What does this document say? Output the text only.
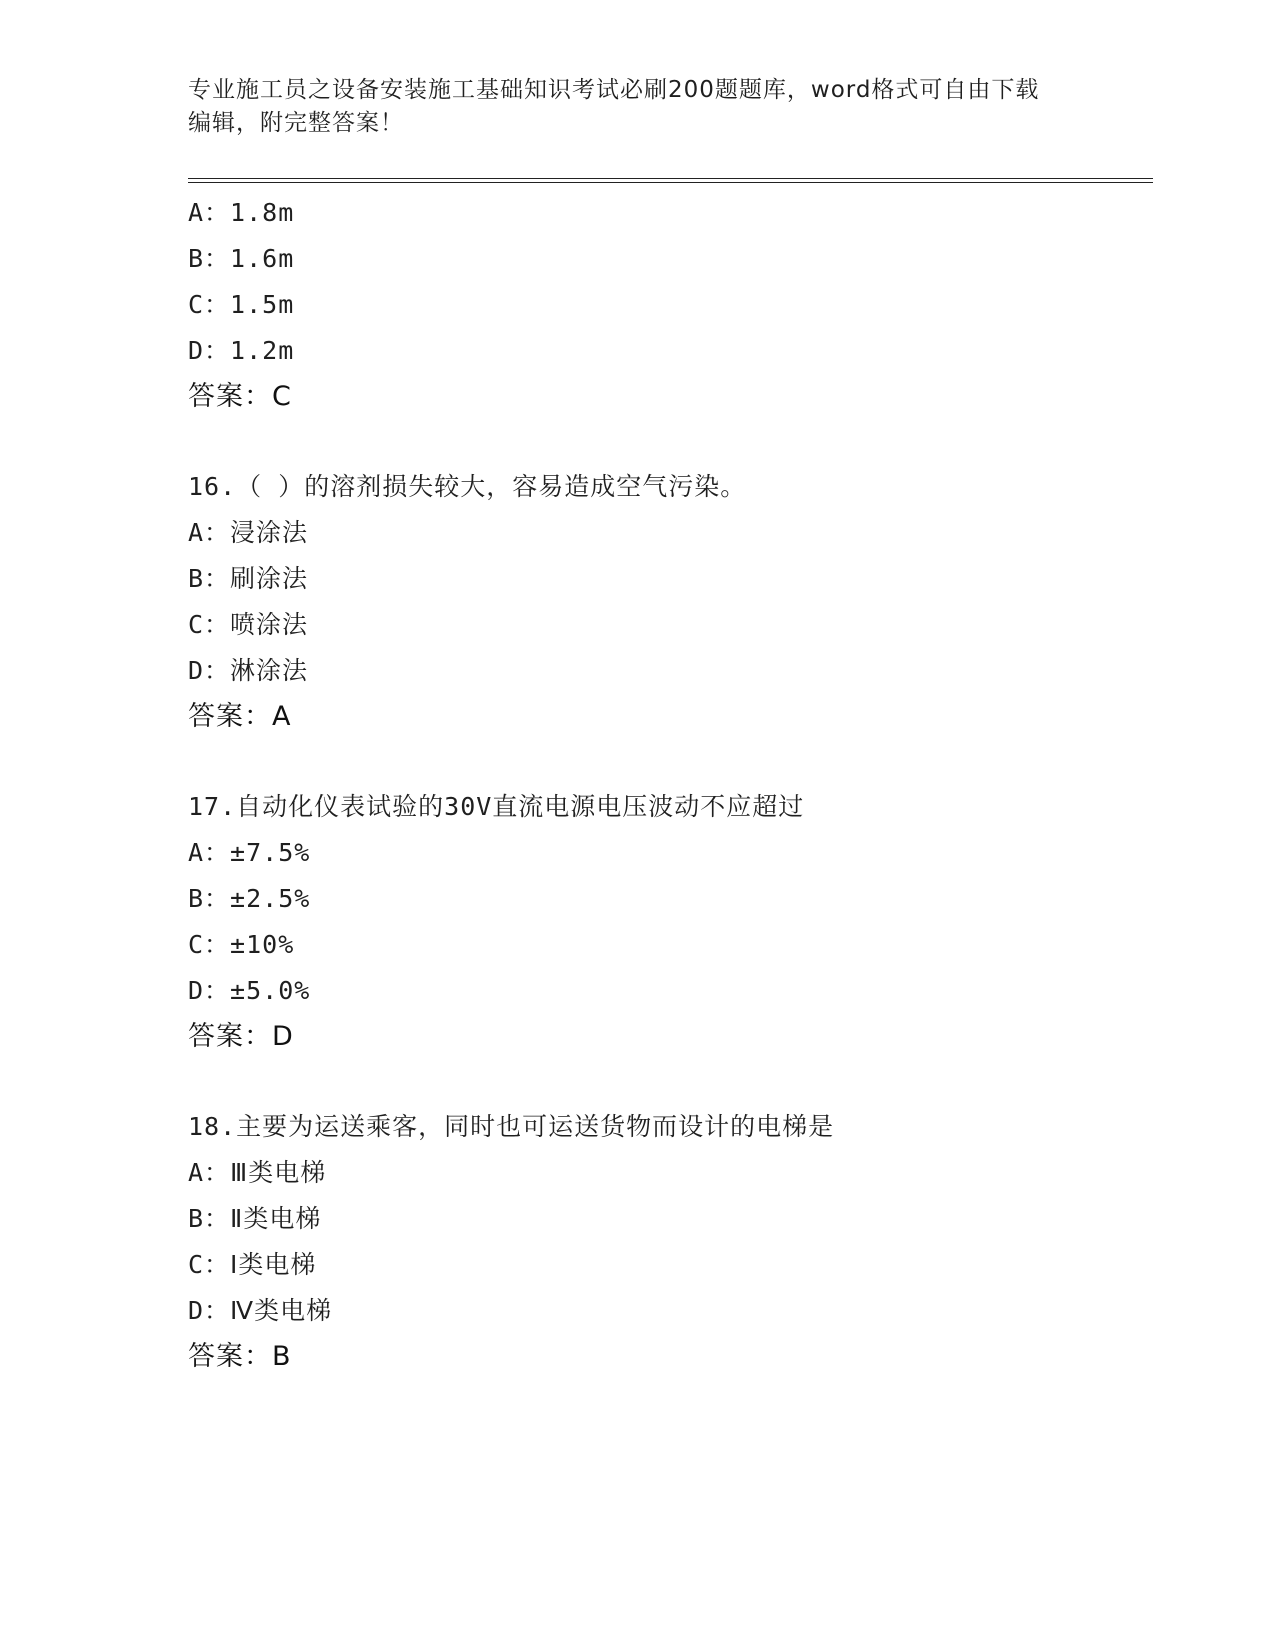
专业施工员之设备安装施工基础知识考试必刷200题题库，word格式可自由下载
编辑，附完整答案！
A：1.8m
B：1.6m
C：1.5m
D：1.2m
答案：C
16.（ ）的溶剂损失较大，容易造成空气污染。
A：浸涂法
B：刷涂法
C：喷涂法
D：淋涂法
答案：A
17.自动化仪表试验的30V直流电源电压波动不应超过
A：±7.5%
B：±2.5%
C：±10%
D：±5.0%
答案：D
18.主要为运送乘客，同时也可运送货物而设计的电梯是
A：Ⅲ类电梯
B：Ⅱ类电梯
C：Ⅰ类电梯
D：Ⅳ类电梯
答案：B
